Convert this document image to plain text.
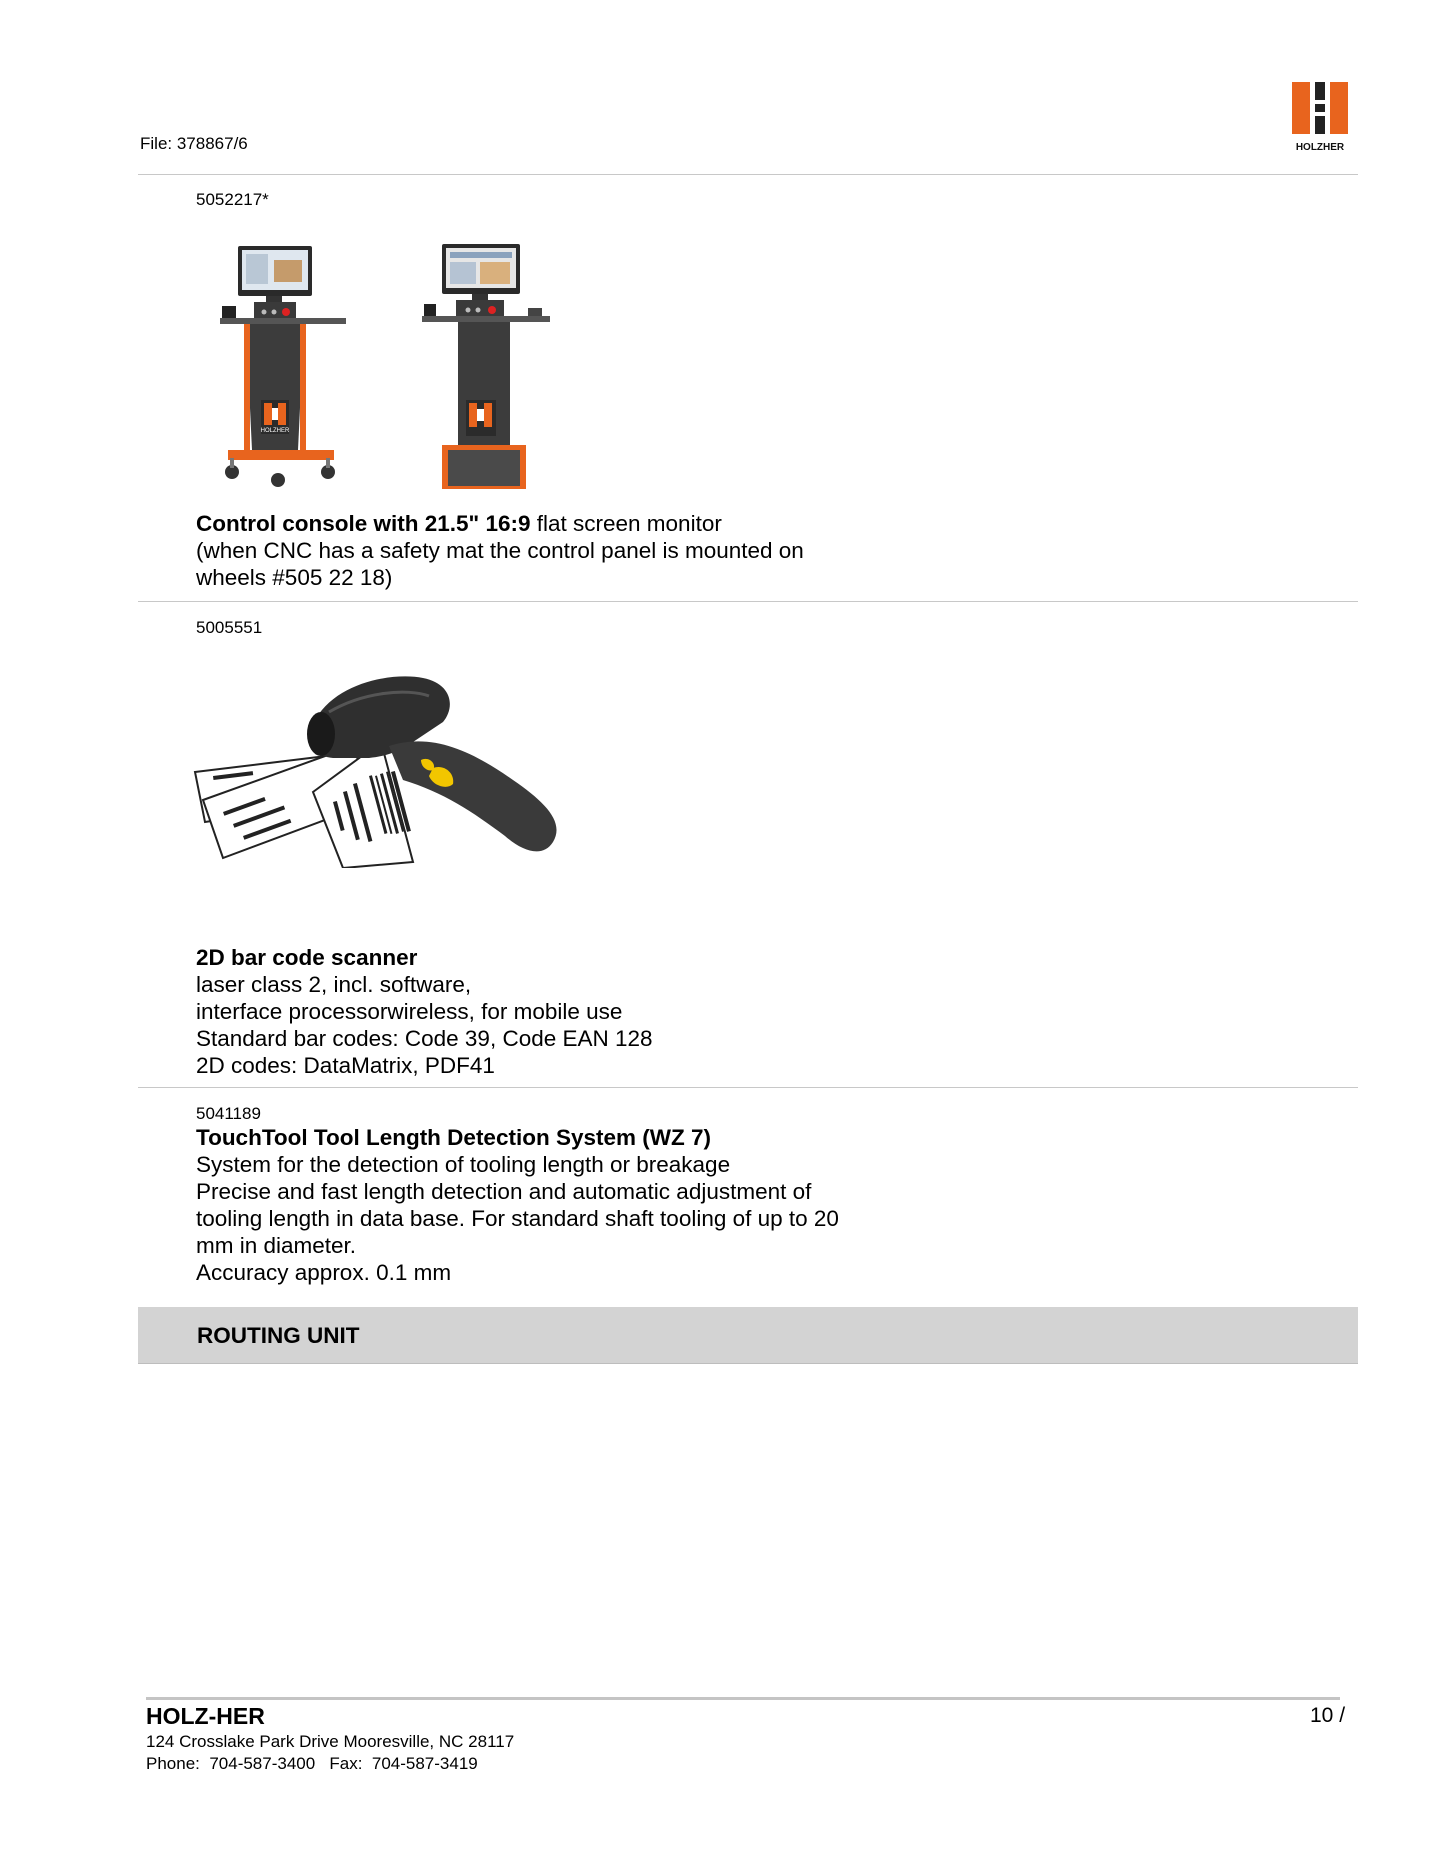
File: 378867/6	HOLZHER
5052217*
HOLZHER
Control console with 21.5" 16:9 flat screen monitor
(when CNC has a safety mat the control panel is mounted on
wheels #505 22 18)
5005551
2D bar code scanner
laser class 2, incl. software,
interface processorwireless, for mobile use
Standard bar codes: Code 39, Code EAN 128
2D codes: DataMatrix, PDF41
5041189
TouchTool Tool Length Detection System (WZ 7)
System for the detection of tooling length or breakage
Precise and fast length detection and automatic adjustment of
tooling length in data base. For standard shaft tooling of up to 20
mm in diameter.
Accuracy approx. 0.1 mm
ROUTING UNIT
HOLZ-HER	10 /
124 Crosslake Park Drive Mooresville, NC 28117
Phone:  704-587-3400   Fax:  704-587-3419
